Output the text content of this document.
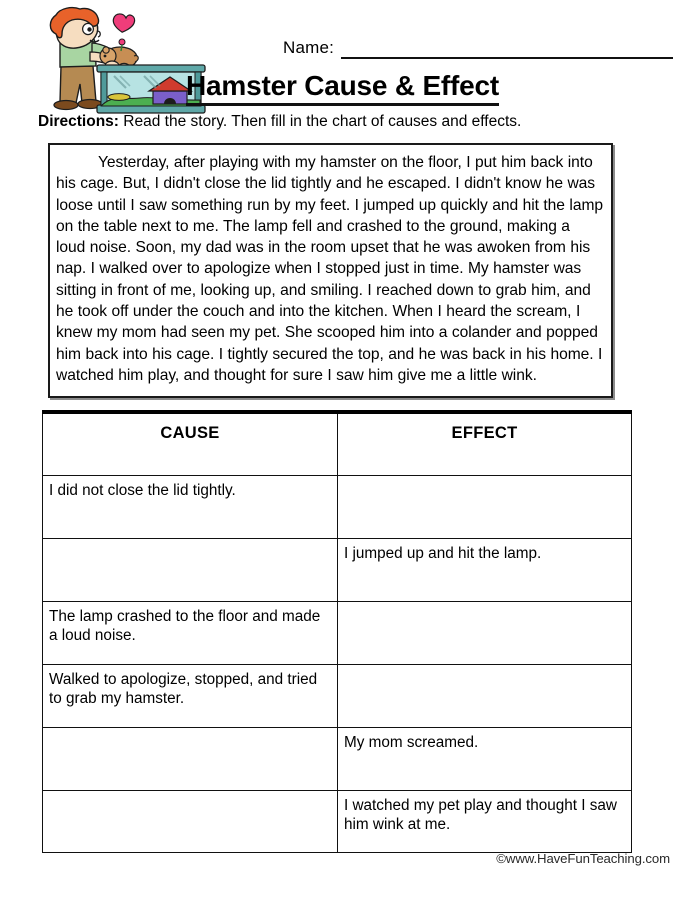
Name:
Hamster Cause & Effect
Directions: Read the story. Then fill in the chart of causes and effects.

Yesterday, after playing with my hamster on the floor, I put him back into his cage. But, I didn't close the lid tightly and he escaped. I didn't know he was loose until I saw something run by my feet. I jumped up quickly and hit the lamp on the table next to me. The lamp fell and crashed to the ground, making a loud noise. Soon, my dad was in the room upset that he was awoken from his nap. I walked over to apologize when I stopped just in time. My hamster was sitting in front of me, looking up, and smiling. I reached down to grab him, and he took off under the couch and into the kitchen. When I heard the scream, I knew my mom had seen my pet. She scooped him into a colander and popped him back into his cage. I tightly secured the top, and he was back in his home. I watched him play, and thought for sure I saw him give me a little wink.

CAUSE	EFFECT
I did not close the lid tightly.	
	I jumped up and hit the lamp.
The lamp crashed to the floor and made a loud noise.	
Walked to apologize, stopped, and tried to grab my hamster.	
	My mom screamed.
	I watched my pet play and thought I saw him wink at me.
©www.HaveFunTeaching.com
